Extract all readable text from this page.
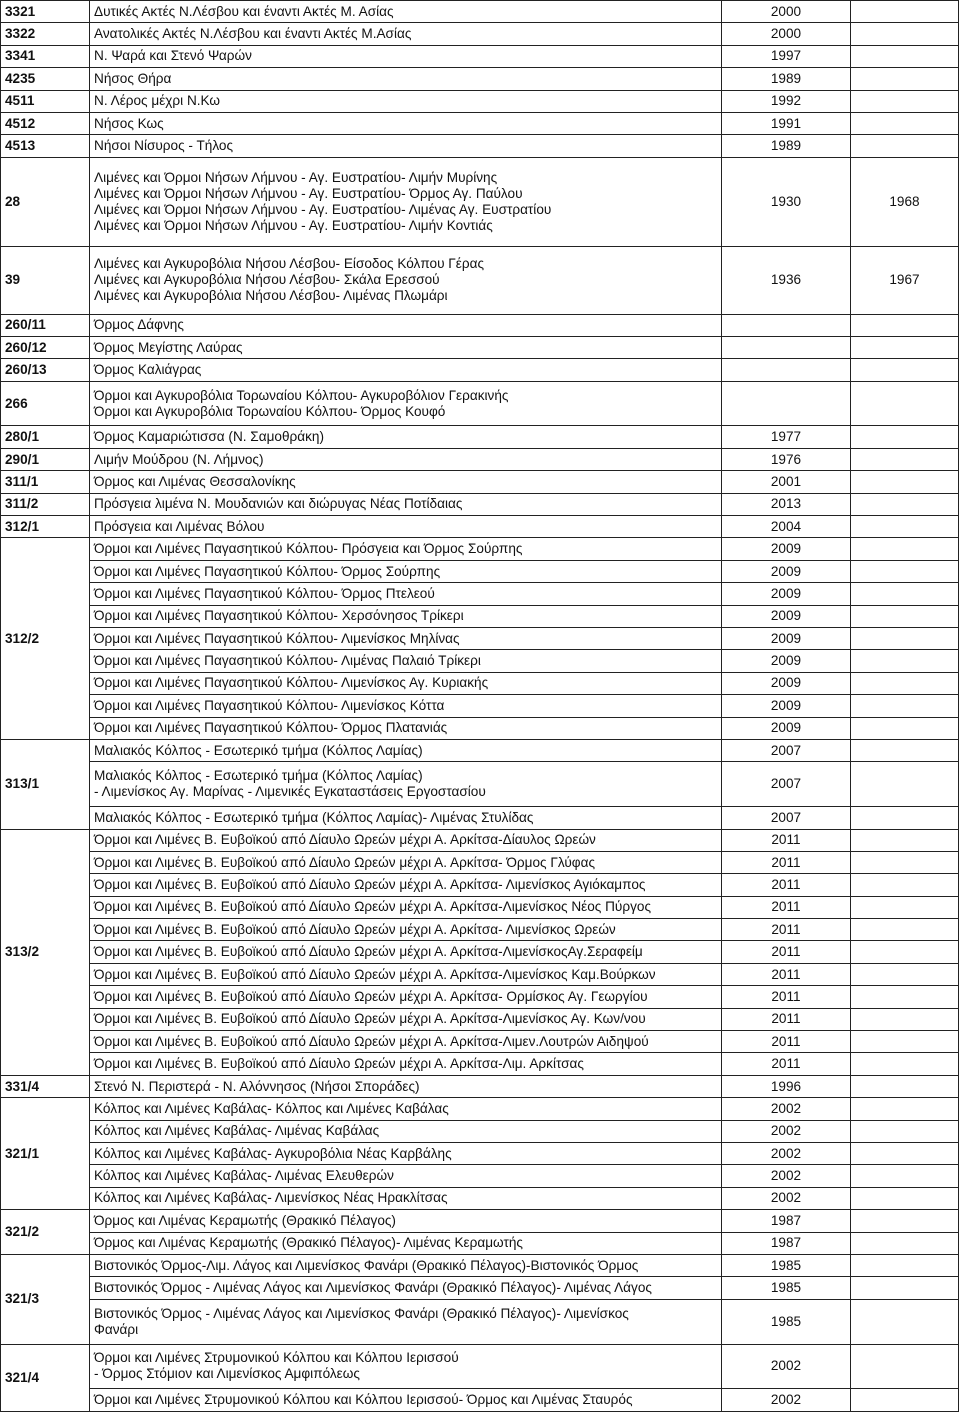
3321	Δυτικές Ακτές Ν.Λέσβου και έναντι Ακτές Μ. Ασίας	2000	
3322	Ανατολικές Ακτές Ν.Λέσβου και έναντι Ακτές Μ.Ασίας	2000	
3341	Ν. Ψαρά και Στενό Ψαρών	1997	
4235	Νήσος Θήρα	1989	
4511	Ν. Λέρος μέχρι Ν.Κω	1992	
4512	Νήσος Κως	1991	
4513	Νήσοι Νίσυρος - Τήλος	1989	
28	Λιμένες και Όρμοι Νήσων Λήμνου - Αγ. Ευστρατίου- Λιμήν Μυρίνης
Λιμένες και Όρμοι Νήσων Λήμνου - Αγ. Ευστρατίου- Όρμος Αγ. Παύλου
Λιμένες και Όρμοι Νήσων Λήμνου - Αγ. Ευστρατίου- Λιμένας Αγ. Ευστρατίου
Λιμένες και Όρμοι Νήσων Λήμνου - Αγ. Ευστρατίου- Λιμήν Κοντιάς	1930	1968
39	Λιμένες και Αγκυροβόλια Νήσου Λέσβου- Είσοδος Κόλπου Γέρας
Λιμένες και Αγκυροβόλια Νήσου Λέσβου- Σκάλα Ερεσσού
Λιμένες και Αγκυροβόλια Νήσου Λέσβου- Λιμένας Πλωμάρι	1936	1967
260/11	Όρμος Δάφνης		

260/12	Όρμος Μεγίστης Λαύρας		

260/13	Όρμος Καλιάγρας		

266	Όρμοι και Αγκυροβόλια Τορωναίου Κόλπου- Αγκυροβόλιον Γερακινής
Όρμοι και Αγκυροβόλια Τορωναίου Κόλπου- Όρμος Κουφό		

280/1	Όρμος Καμαριώτισσα (Ν. Σαμοθράκη)	1977	
290/1	Λιμήν Μούδρου (Ν. Λήμνος)	1976	
311/1	Όρμος και Λιμένας Θεσσαλονίκης	2001	
311/2	Πρόσγεια λιμένα Ν. Μουδανιών και διώρυγας Νέας Ποτίδαιας	2013	
312/1	Πρόσγεια και Λιμένας Βόλου	2004	
312/2	Όρμοι και Λιμένες Παγασητικού Κόλπου- Πρόσγεια και Όρμος Σούρπης	2009	

	Όρμοι και Λιμένες Παγασητικού Κόλπου- Όρμος Σούρπης	2009	

	Όρμοι και Λιμένες Παγασητικού Κόλπου- Όρμος Πτελεού	2009	

	Όρμοι και Λιμένες Παγασητικού Κόλπου- Χερσόνησος Τρίκερι	2009	

	Όρμοι και Λιμένες Παγασητικού Κόλπου- Λιμενίσκος Μηλίνας	2009	

	Όρμοι και Λιμένες Παγασητικού Κόλπου- Λιμένας Παλαιό Τρίκερι	2009	

	Όρμοι και Λιμένες Παγασητικού Κόλπου- Λιμενίσκος Αγ. Κυριακής	2009	

	Όρμοι και Λιμένες Παγασητικού Κόλπου- Λιμενίσκος Κόττα	2009	

	Όρμοι και Λιμένες Παγασητικού Κόλπου- Όρμος Πλατανιάς	2009	
313/1	Μαλιακός Κόλπος - Εσωτερικό τμήμα (Κόλπος Λαμίας)	2007	

	Μαλιακός Κόλπος - Εσωτερικό τμήμα (Κόλπος Λαμίας)
- Λιμενίσκος Αγ. Μαρίνας - Λιμενικές Εγκαταστάσεις Εργοστασίου	2007	

	Μαλιακός Κόλπος - Εσωτερικό τμήμα (Κόλπος Λαμίας)- Λιμένας Στυλίδας	2007	
313/2	Όρμοι και Λιμένες Β. Ευβοϊκού από Δίαυλο Ωρεών μέχρι Α. Αρκίτσα-Δίαυλος Ωρεών	2011	

	Όρμοι και Λιμένες Β. Ευβοϊκού από Δίαυλο Ωρεών μέχρι Α. Αρκίτσα- Όρμος Γλύφας	2011	

	Όρμοι και Λιμένες Β. Ευβοϊκού από Δίαυλο Ωρεών μέχρι Α. Αρκίτσα- Λιμενίσκος Αγιόκαμπος	2011	

	Όρμοι και Λιμένες Β. Ευβοϊκού από Δίαυλο Ωρεών μέχρι Α. Αρκίτσα-Λιμενίσκος Νέος Πύργος	2011	

	Όρμοι και Λιμένες Β. Ευβοϊκού από Δίαυλο Ωρεών μέχρι Α. Αρκίτσα- Λιμενίσκος Ωρεών	2011	

	Όρμοι και Λιμένες Β. Ευβοϊκού από Δίαυλο Ωρεών μέχρι Α. Αρκίτσα-ΛιμενίσκοςΑγ.Σεραφείμ	2011	

	Όρμοι και Λιμένες Β. Ευβοϊκού από Δίαυλο Ωρεών μέχρι Α. Αρκίτσα-Λιμενίσκος Καμ.Βούρκων	2011	

	Όρμοι και Λιμένες Β. Ευβοϊκού από Δίαυλο Ωρεών μέχρι Α. Αρκίτσα- Ορμίσκος Αγ. Γεωργίου	2011	

	Όρμοι και Λιμένες Β. Ευβοϊκού από Δίαυλο Ωρεών μέχρι Α. Αρκίτσα-Λιμενίσκος Αγ. Κων/νου	2011	

	Όρμοι και Λιμένες Β. Ευβοϊκού από Δίαυλο Ωρεών μέχρι Α. Αρκίτσα-Λιμεν.Λουτρών Αιδηψού	2011	

	Όρμοι και Λιμένες Β. Ευβοϊκού από Δίαυλο Ωρεών μέχρι Α. Αρκίτσα-Λιμ. Αρκίτσας	2011	
331/4	Στενό Ν. Περιστερά - Ν. Αλόννησος (Νήσοι Σποράδες)	1996	
321/1	Κόλπος και Λιμένες Καβάλας- Κόλπος και Λιμένες Καβάλας	2002	

	Κόλπος και Λιμένες Καβάλας- Λιμένας Καβάλας	2002	

	Κόλπος και Λιμένες Καβάλας- Αγκυροβόλια Νέας Καρβάλης	2002	

	Κόλπος και Λιμένες Καβάλας- Λιμένας Ελευθερών	2002	

	Κόλπος και Λιμένες Καβάλας- Λιμενίσκος Νέας Ηρακλίτσας	2002	
321/2	Όρμος και Λιμένας Κεραμωτής (Θρακικό Πέλαγος)	1987	

	Όρμος και Λιμένας Κεραμωτής (Θρακικό Πέλαγος)- Λιμένας Κεραμωτής	1987	
321/3	Βιστονικός Όρμος-Λιμ. Λάγος και Λιμενίσκος Φανάρι (Θρακικό Πέλαγος)-Βιστονικός Όρμος	1985	

	Βιστονικός Όρμος - Λιμένας Λάγος και Λιμενίσκος Φανάρι (Θρακικό Πέλαγος)- Λιμένας Λάγος	1985	

	Βιστονικός Όρμος - Λιμένας Λάγος και Λιμενίσκος Φανάρι (Θρακικό Πέλαγος)- Λιμενίσκος
Φανάρι	1985	
321/4	Όρμοι και Λιμένες Στρυμονικού Κόλπου και Κόλπου Ιερισσού
- Όρμος Στόμιον και Λιμενίσκος Αμφιπόλεως	2002	

	Όρμοι και Λιμένες Στρυμονικού Κόλπου και Κόλπου Ιερισσού- Όρμος και Λιμένας Σταυρός	2002	
